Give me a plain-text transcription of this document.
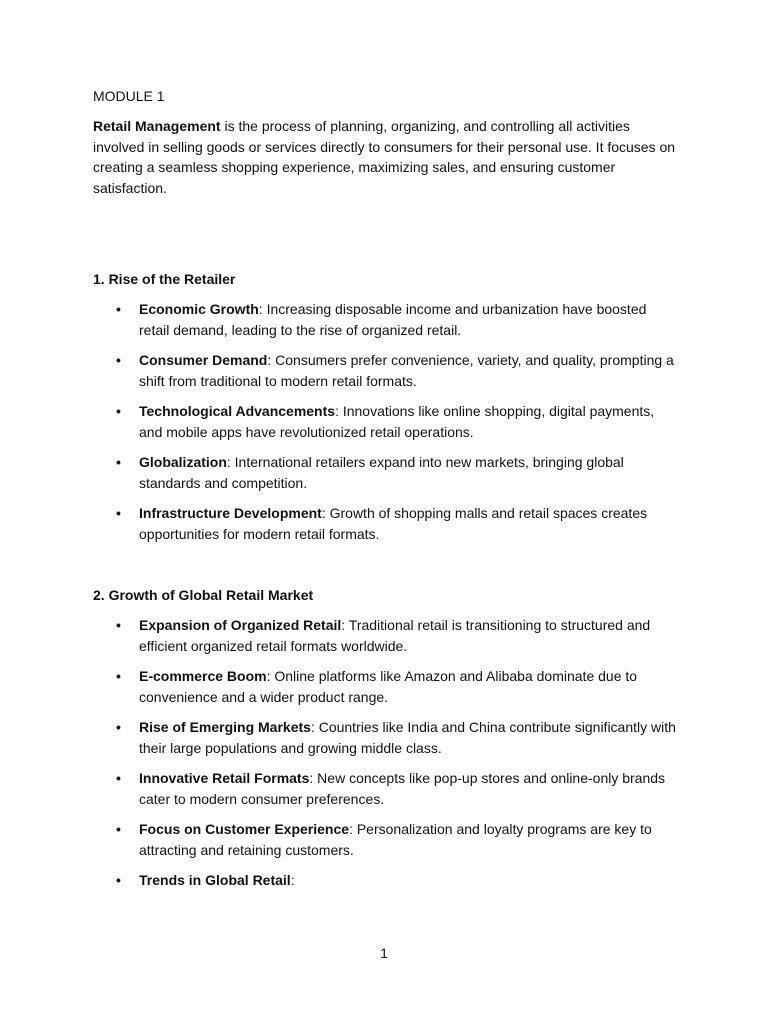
MODULE 1

Retail Management is the process of planning, organizing, and controlling all activities involved in selling goods or services directly to consumers for their personal use. It focuses on creating a seamless shopping experience, maximizing sales, and ensuring customer satisfaction.

1. Rise of the Retailer
• Economic Growth: Increasing disposable income and urbanization have boosted retail demand, leading to the rise of organized retail.
• Consumer Demand: Consumers prefer convenience, variety, and quality, prompting a shift from traditional to modern retail formats.
• Technological Advancements: Innovations like online shopping, digital payments, and mobile apps have revolutionized retail operations.
• Globalization: International retailers expand into new markets, bringing global standards and competition.
• Infrastructure Development: Growth of shopping malls and retail spaces creates opportunities for modern retail formats.
2. Growth of Global Retail Market
• Expansion of Organized Retail: Traditional retail is transitioning to structured and efficient organized retail formats worldwide.
• E-commerce Boom: Online platforms like Amazon and Alibaba dominate due to convenience and a wider product range.
• Rise of Emerging Markets: Countries like India and China contribute significantly with their large populations and growing middle class.
• Innovative Retail Formats: New concepts like pop-up stores and online-only brands cater to modern consumer preferences.
• Focus on Customer Experience: Personalization and loyalty programs are key to attracting and retaining customers.
• Trends in Global Retail:
1
